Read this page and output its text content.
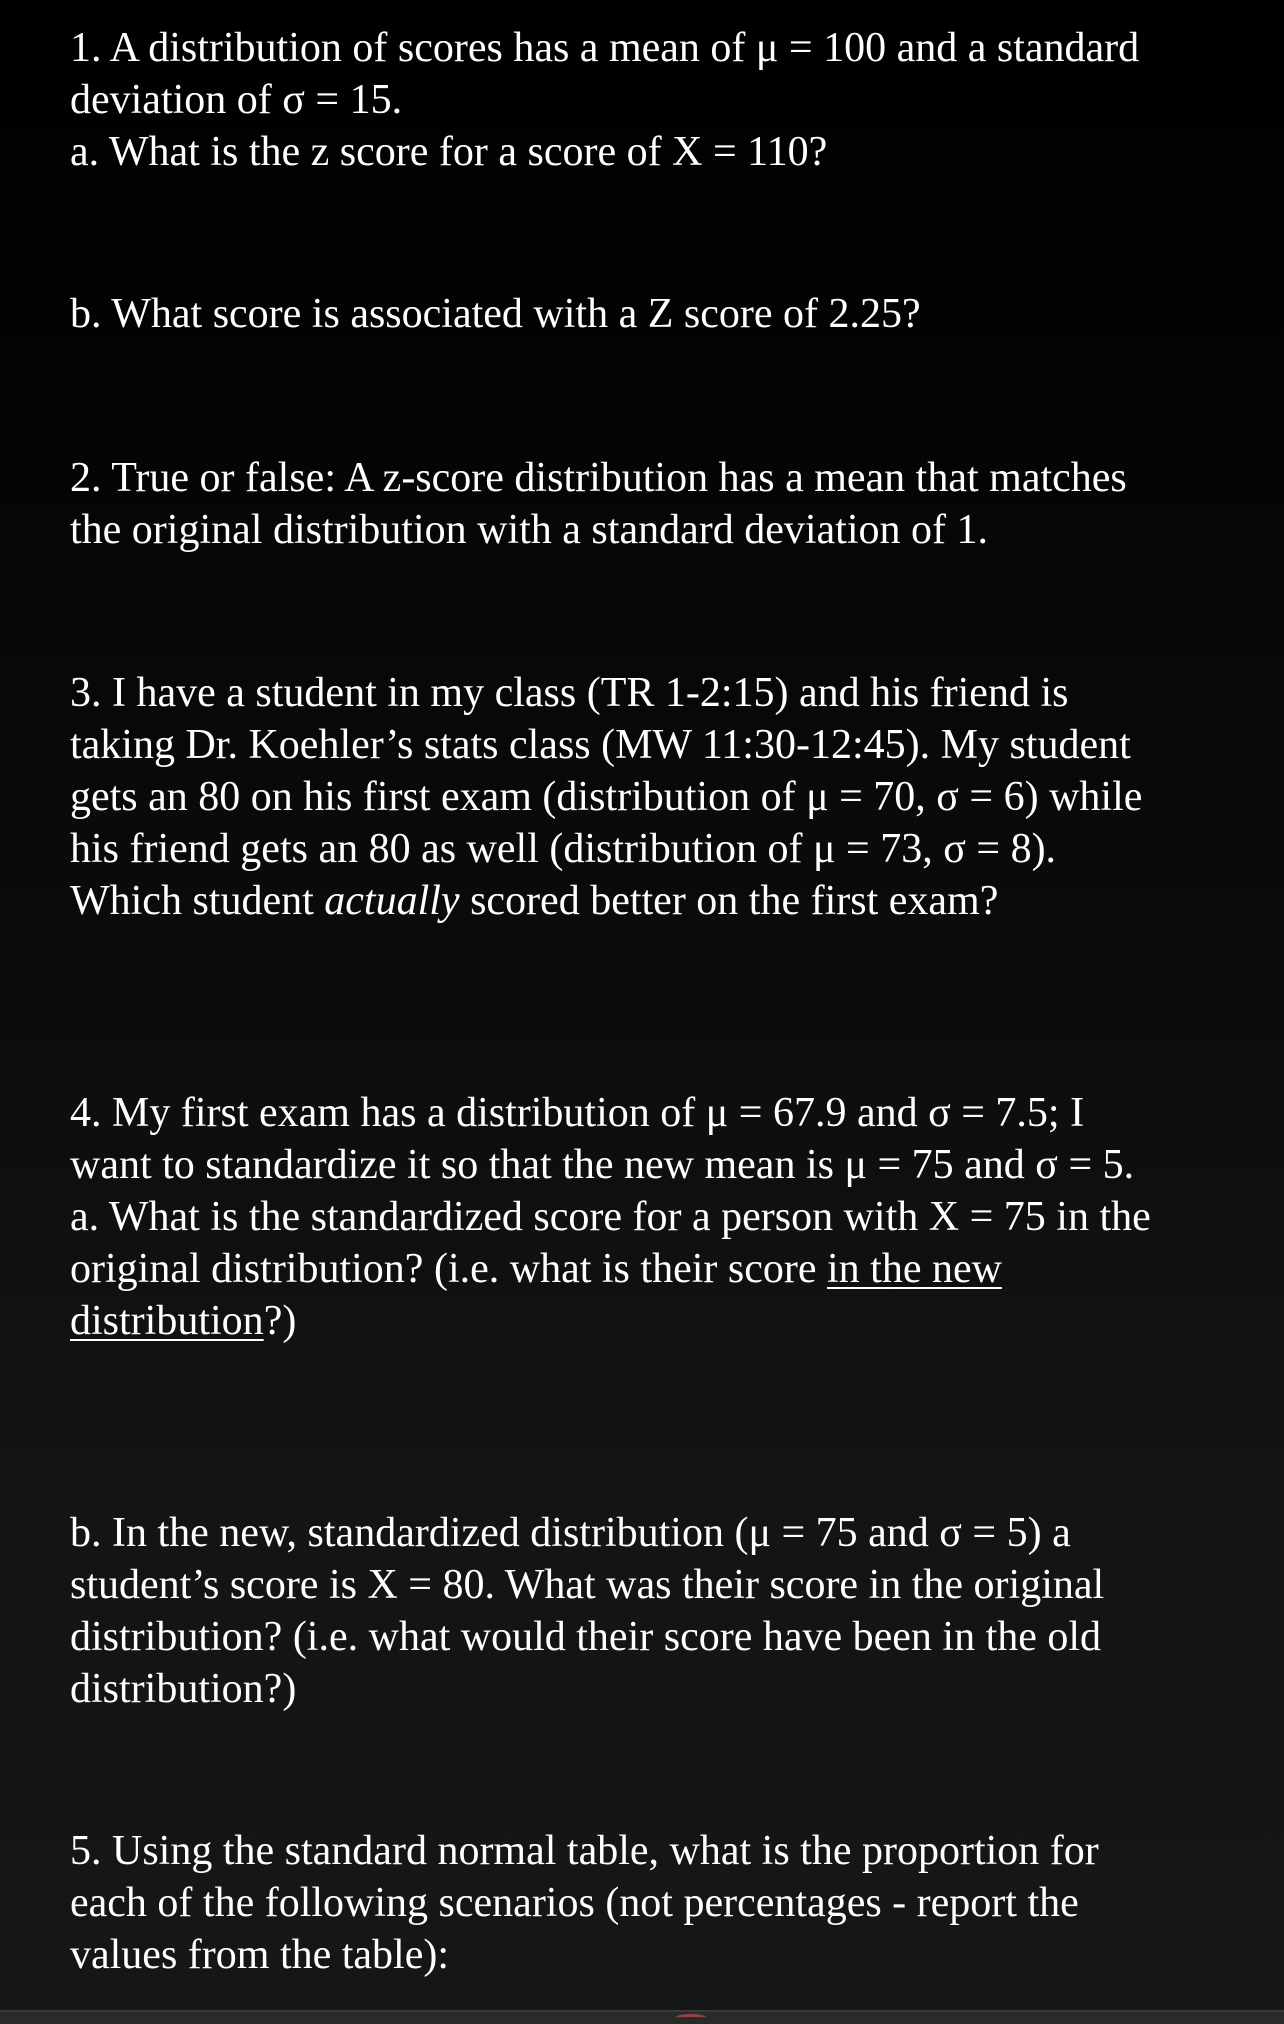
1. A distribution of scores has a mean of μ = 100 and a standard
deviation of σ = 15.
a. What is the z score for a score of X = 110?
b. What score is associated with a Z score of 2.25?
2. True or false: A z-score distribution has a mean that matches
the original distribution with a standard deviation of 1.
3. I have a student in my class (TR 1-2:15) and his friend is
taking Dr. Koehler’s stats class (MW 11:30-12:45). My student
gets an 80 on his first exam (distribution of μ = 70, σ = 6) while
his friend gets an 80 as well (distribution of μ = 73, σ = 8).
Which student actually scored better on the first exam?
4. My first exam has a distribution of μ = 67.9 and σ = 7.5; I
want to standardize it so that the new mean is μ = 75 and σ = 5.
a. What is the standardized score for a person with X = 75 in the
original distribution? (i.e. what is their score in the new
distribution?)
b. In the new, standardized distribution (μ = 75 and σ = 5) a
student’s score is X = 80. What was their score in the original
distribution? (i.e. what would their score have been in the old
distribution?)
5. Using the standard normal table, what is the proportion for
each of the following scenarios (not percentages - report the
values from the table):
